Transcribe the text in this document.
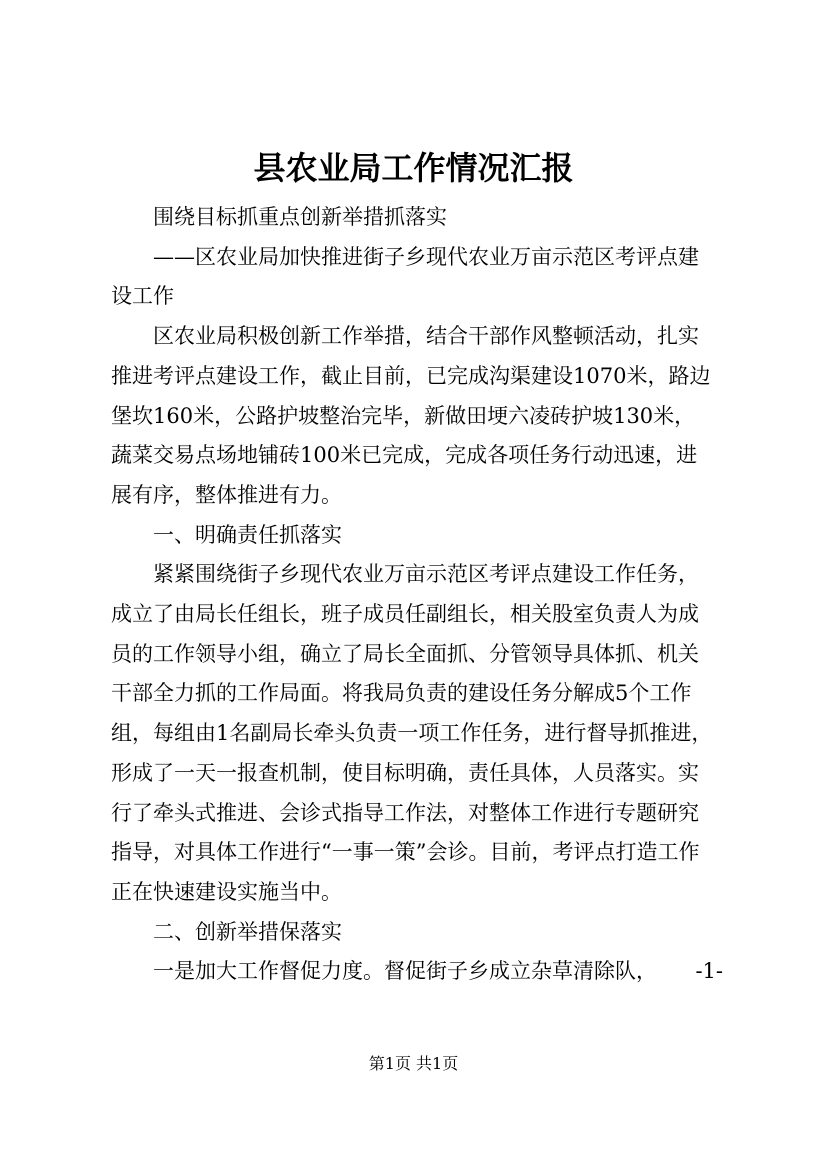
县农业局工作情况汇报

围绕目标抓重点创新举措抓落实

——区农业局加快推进街子乡现代农业万亩示范区考评点建设工作

区农业局积极创新工作举措，结合干部作风整顿活动，扎实推进考评点建设工作，截止目前，已完成沟渠建设1070米，路边堡坎160米，公路护坡整治完毕，新做田埂六凌砖护坡130米，蔬菜交易点场地铺砖100米已完成，完成各项任务行动迅速，进展有序，整体推进有力。

一、明确责任抓落实

紧紧围绕街子乡现代农业万亩示范区考评点建设工作任务，成立了由局长任组长，班子成员任副组长，相关股室负责人为成员的工作领导小组，确立了局长全面抓、分管领导具体抓、机关干部全力抓的工作局面。将我局负责的建设任务分解成5个工作组，每组由1名副局长牵头负责一项工作任务，进行督导抓推进，形成了一天一报查机制，使目标明确，责任具体，人员落实。实行了牵头式推进、会诊式指导工作法，对整体工作进行专题研究指导，对具体工作进行“一事一策”会诊。目前，考评点打造工作正在快速建设实施当中。

二、创新举措保落实

一是加大工作督促力度。督促街子乡成立杂草清除队，	-1-
第1页 共1页
